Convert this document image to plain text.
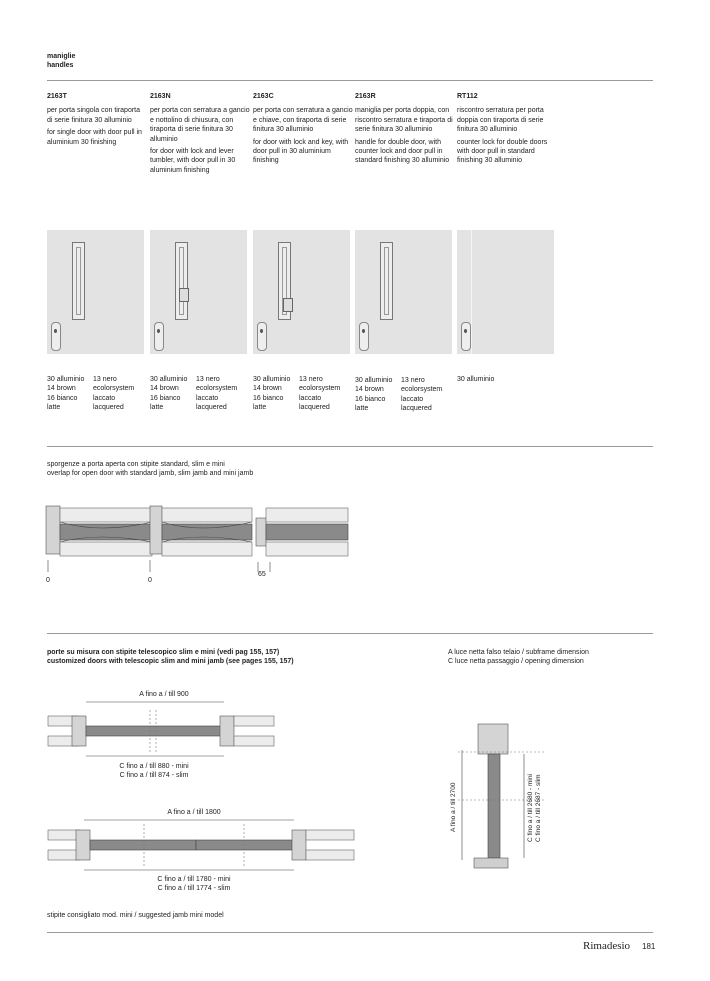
maniglie
handles
2163T
per porta singola con tiraporta di serie finitura 30 alluminio
for single door with door pull in aluminium 30 finishing
2163N
per porta con serratura a gancio e nottolino di chiusura, con tiraporta di serie finitura 30 alluminio
for door with lock and lever tumbler, with door pull in 30 aluminium finishing
2163C
per porta con serratura a gancio e chiave, con tiraporta di serie finitura 30 alluminio
for door with lock and key, with door pull in 30 aluminium finishing
2163R
maniglia per porta doppia, con riscontro serratura e tiraporta di serie finitura 30 alluminio
handle for double door, with counter lock and door pull in standard finishing 30 alluminio
RT112
riscontro serratura per porta doppia con tiraporta di serie finitura 30 alluminio
counter lock for double doors with door pull in standard finishing 30 alluminio
30 alluminio
14 brown
16 bianco
latte
13 nero
ecolorsystem
laccato
lacquered
30 alluminio
14 brown
16 bianco
latte
13 nero
ecolorsystem
laccato
lacquered
30 alluminio
14 brown
16 bianco
latte
13 nero
ecolorsystem
laccato
lacquered
30 alluminio
14 brown
16 bianco
latte
13 nero
ecolorsystem
laccato
lacquered
30 alluminio
sporgenze a porta aperta con stipite standard, slim e mini
overlap for open door with standard jamb, slim jamb and mini jamb
0	0
65
porte su misura con stipite telescopico slim e mini (vedi pag 155, 157)
customized doors with telescopic slim and mini jamb (see pages 155, 157)
A luce netta falso telaio / subframe dimension
C luce netta passaggio / opening dimension
A fino a / till 900
C fino a / till 880 - mini
C fino a / till 874 - slim
A fino a / till 1800
C fino a / till 1780 - mini
C fino a / till 1774 - slim
A fino a / till 2700	C fino a / till 2680 - mini C fino a / till 2687 - slim
stipite consigliato mod. mini / suggested jamb mini model
Rimadesio 181
